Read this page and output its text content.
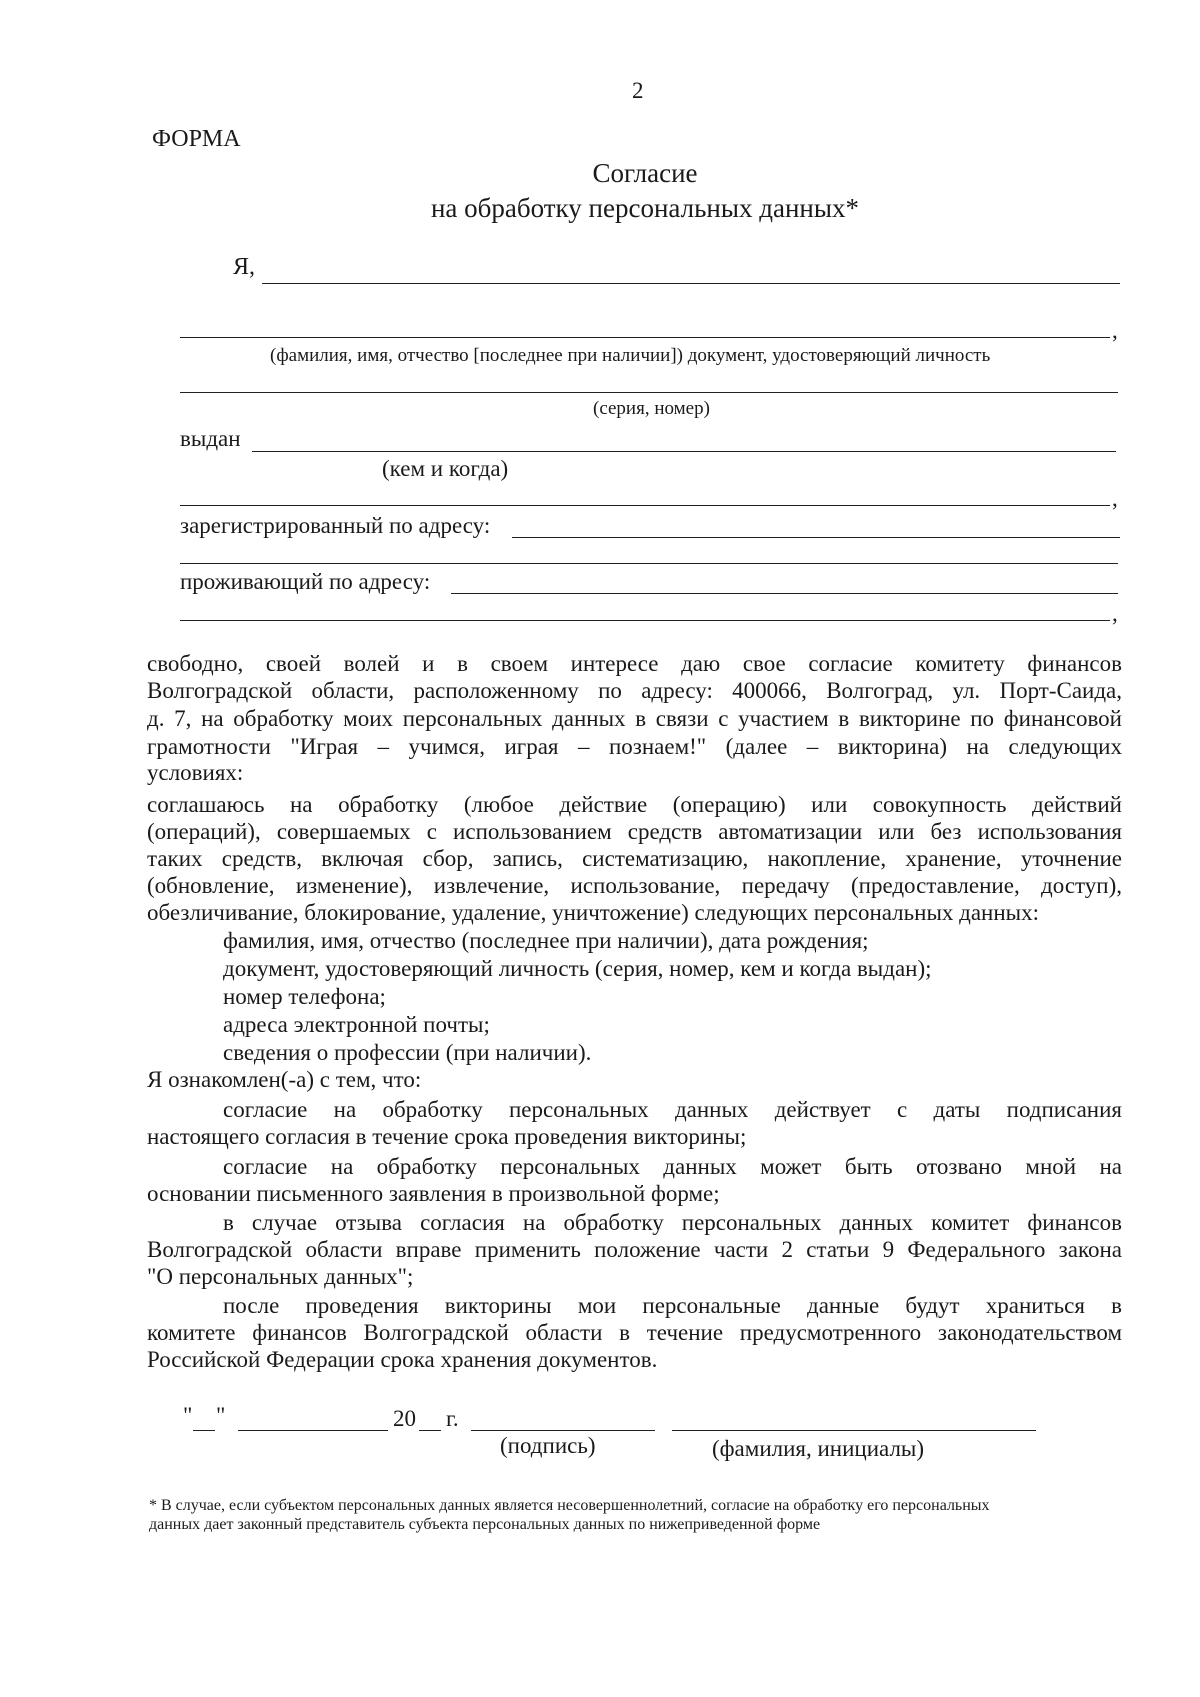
2
ФОРМА
Согласие
на обработку персональных данных*
Я,
,
(фамилия, имя, отчество [последнее при наличии]) документ, удостоверяющий личность
(серия, номер)
выдан
(кем и когда)
,
зарегистрированный по адресу:
проживающий по адресу:
,
свободно, своей волей и в своем интересе даю свое согласие комитету финансов
Волгоградской области, расположенному по адресу: 400066, Волгоград, ул. Порт-Саида,
д. 7, на обработку моих персональных данных в связи с участием в викторине по финансовой
грамотности "Играя – учимся, играя – познаем!" (далее – викторина) на следующих
условиях:
соглашаюсь на обработку (любое действие (операцию) или совокупность действий
(операций), совершаемых с использованием средств автоматизации или без использования
таких средств, включая сбор, запись, систематизацию, накопление, хранение, уточнение
(обновление, изменение), извлечение, использование, передачу (предоставление, доступ),
обезличивание, блокирование, удаление, уничтожение) следующих персональных данных:
фамилия, имя, отчество (последнее при наличии), дата рождения;
документ, удостоверяющий личность (серия, номер, кем и когда выдан);
номер телефона;
адреса электронной почты;
сведения о профессии (при наличии).
Я ознакомлен(-а) с тем, что:
согласие на обработку персональных данных действует с даты подписания
настоящего согласия в течение срока проведения викторины;
согласие на обработку персональных данных может быть отозвано мной на
основании письменного заявления в произвольной форме;
в случае отзыва согласия на обработку персональных данных комитет финансов
Волгоградской области вправе применить положение части 2 статьи 9 Федерального закона
"О персональных данных";
после проведения викторины мои персональные данные будут храниться в
комитете финансов Волгоградской области в течение предусмотренного законодательством
Российской Федерации срока хранения документов.
" "	20 г.
(подпись)	(фамилия, инициалы)
* В случае, если субъектом персональных данных является несовершеннолетний, согласие на обработку его персональных
данных дает законный представитель субъекта персональных данных по нижеприведенной форме
